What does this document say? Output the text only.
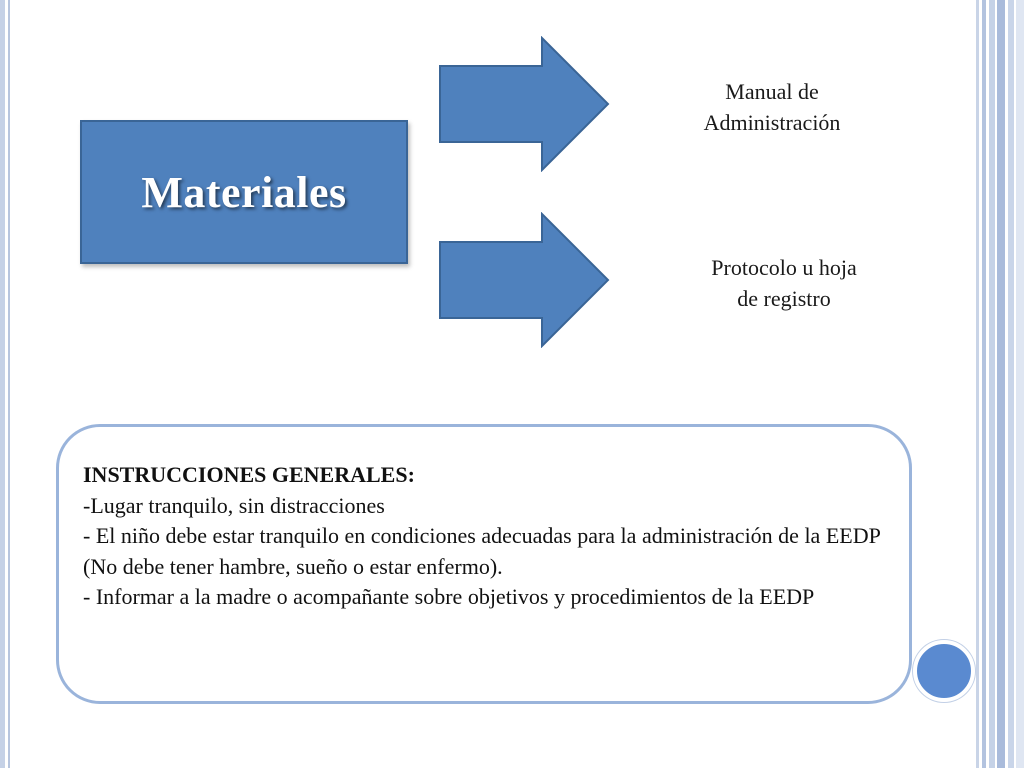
Materiales
Manual de
Administración
Protocolo u hoja
de registro
INSTRUCCIONES GENERALES:
-Lugar tranquilo, sin distracciones
- El niño debe estar tranquilo en condiciones adecuadas para la administración de la EEDP (No debe tener hambre, sueño o estar enfermo).
- Informar a la madre o acompañante sobre objetivos y procedimientos de la EEDP
